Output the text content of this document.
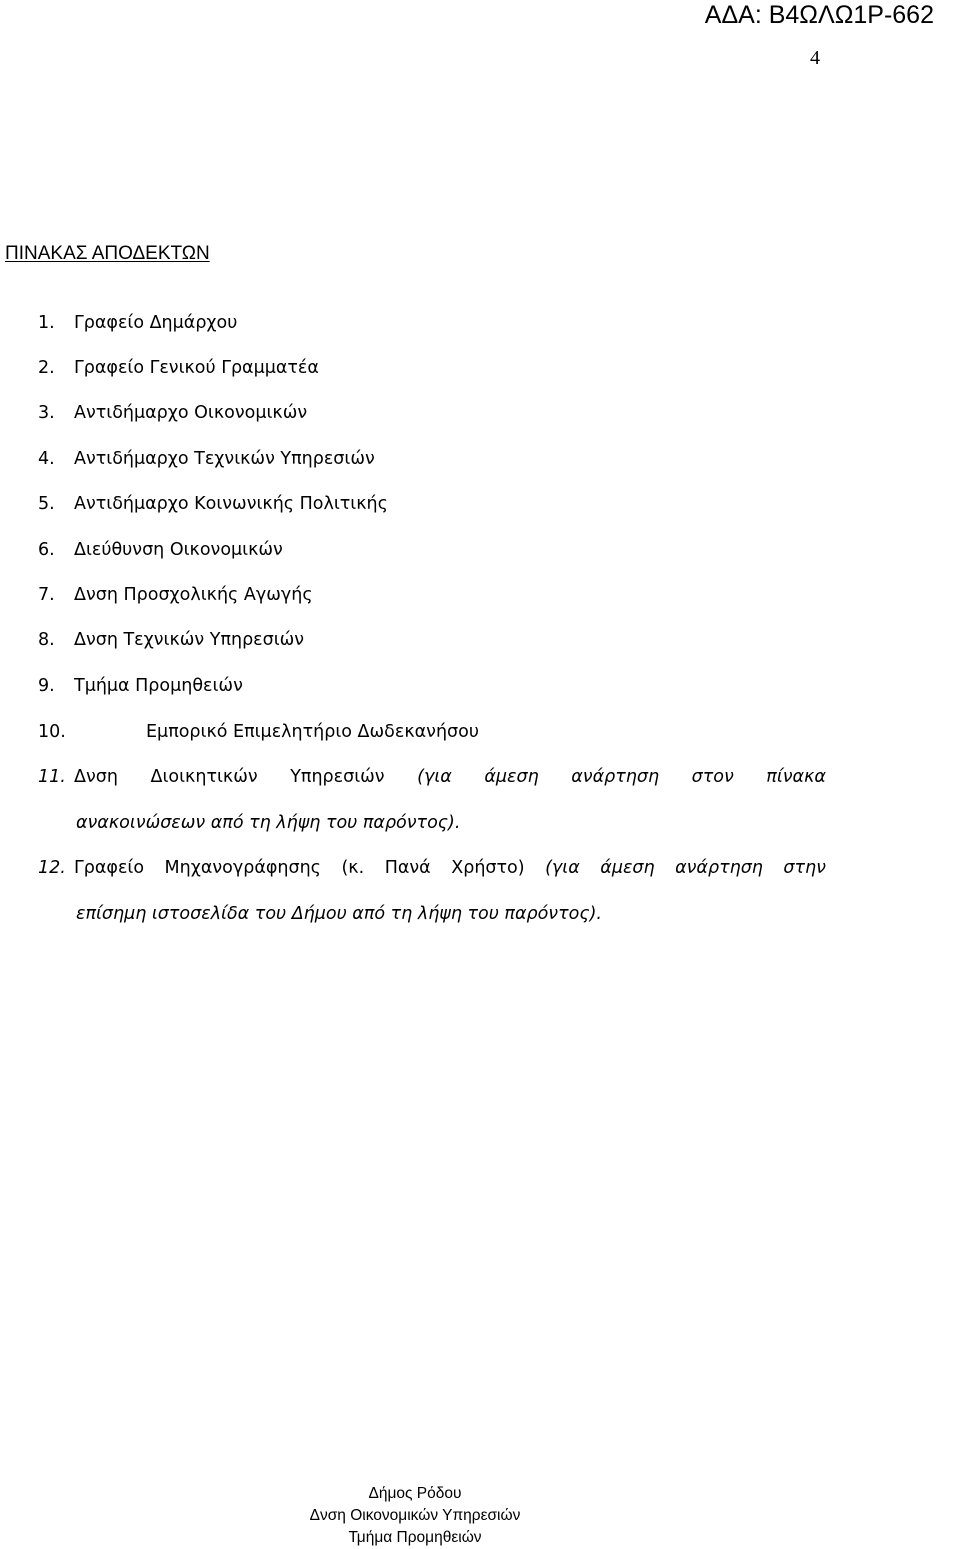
ΑΔΑ: Β4ΩΛΩ1Ρ-662
4
ΠΙΝΑΚΑΣ ΑΠΟΔΕΚΤΩΝ
1. Γραφείο Δημάρχου
2. Γραφείο Γενικού Γραμματέα
3. Αντιδήμαρχο Οικονομικών
4. Αντιδήμαρχο Τεχνικών Υπηρεσιών
5. Αντιδήμαρχο Κοινωνικής Πολιτικής
6. Διεύθυνση Οικονομικών
7. Δνση Προσχολικής Αγωγής
8. Δνση Τεχνικών Υπηρεσιών
9. Τμήμα Προμηθειών
10.	Εμπορικό Επιμελητήριο Δωδεκανήσου
11. Δνση Διοικητικών Υπηρεσιών (για άμεση ανάρτηση στον πίνακα
ανακοινώσεων από τη λήψη του παρόντος).
12. Γραφείο Μηχανογράφησης (κ. Πανά Χρήστο) (για άμεση ανάρτηση στην
επίσημη ιστοσελίδα του Δήμου από τη λήψη του παρόντος).
Δήμος Ρόδου
Δνση Οικονομικών Υπηρεσιών
Τμήμα Προμηθειών
